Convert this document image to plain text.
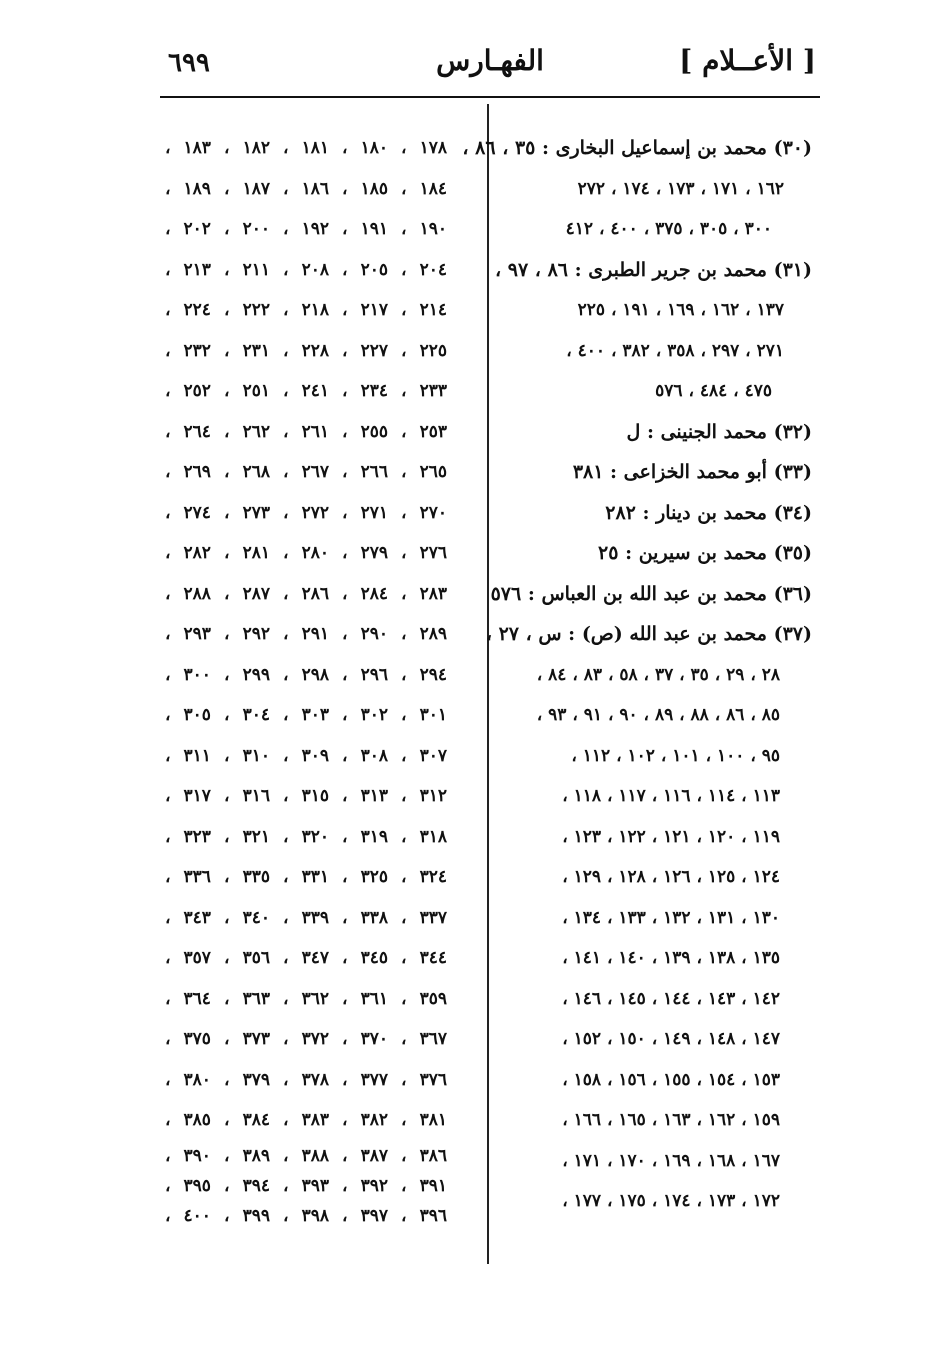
٦٩٩	الفهـارس	[ الأعــلام ]
١٧٨ ، ١٨٠ ، ١٨١ ، ١٨٢ ، ١٨٣ ،
١٨٤ ، ١٨٥ ، ١٨٦ ، ١٨٧ ، ١٨٩ ،
١٩٠ ، ١٩١ ، ١٩٢ ، ٢٠٠ ، ٢٠٢ ،
٢٠٤ ، ٢٠٥ ، ٢٠٨ ، ٢١١ ، ٢١٣ ،
٢١٤ ، ٢١٧ ، ٢١٨ ، ٢٢٢ ، ٢٢٤ ،
٢٢٥ ، ٢٢٧ ، ٢٢٨ ، ٢٣١ ، ٢٣٢ ،
٢٣٣ ، ٢٣٤ ، ٢٤١ ، ٢٥١ ، ٢٥٢ ،
٢٥٣ ، ٢٥٥ ، ٢٦١ ، ٢٦٢ ، ٢٦٤ ،
٢٦٥ ، ٢٦٦ ، ٢٦٧ ، ٢٦٨ ، ٢٦٩ ،
٢٧٠ ، ٢٧١ ، ٢٧٢ ، ٢٧٣ ، ٢٧٤ ،
٢٧٦ ، ٢٧٩ ، ٢٨٠ ، ٢٨١ ، ٢٨٢ ،
٢٨٣ ، ٢٨٤ ، ٢٨٦ ، ٢٨٧ ، ٢٨٨ ،
٢٨٩ ، ٢٩٠ ، ٢٩١ ، ٢٩٢ ، ٢٩٣ ،
٢٩٤ ، ٢٩٦ ، ٢٩٨ ، ٢٩٩ ، ٣٠٠ ،
٣٠١ ، ٣٠٢ ، ٣٠٣ ، ٣٠٤ ، ٣٠٥ ،
٣٠٧ ، ٣٠٨ ، ٣٠٩ ، ٣١٠ ، ٣١١ ،
٣١٢ ، ٣١٣ ، ٣١٥ ، ٣١٦ ، ٣١٧ ،
٣١٨ ، ٣١٩ ، ٣٢٠ ، ٣٢١ ، ٣٢٣ ،
٣٢٤ ، ٣٢٥ ، ٣٣١ ، ٣٣٥ ، ٣٣٦ ،
٣٣٧ ، ٣٣٨ ، ٣٣٩ ، ٣٤٠ ، ٣٤٣ ،
٣٤٤ ، ٣٤٥ ، ٣٤٧ ، ٣٥٦ ، ٣٥٧ ،
٣٥٩ ، ٣٦١ ، ٣٦٢ ، ٣٦٣ ، ٣٦٤ ،
٣٦٧ ، ٣٧٠ ، ٣٧٢ ، ٣٧٣ ، ٣٧٥ ،
٣٧٦ ، ٣٧٧ ، ٣٧٨ ، ٣٧٩ ، ٣٨٠ ،
٣٨١ ، ٣٨٢ ، ٣٨٣ ، ٣٨٤ ، ٣٨٥ ،
٣٨٦ ، ٣٨٧ ، ٣٨٨ ، ٣٨٩ ، ٣٩٠ ،
٣٩١ ، ٣٩٢ ، ٣٩٣ ، ٣٩٤ ، ٣٩٥ ،
٣٩٦ ، ٣٩٧ ، ٣٩٨ ، ٣٩٩ ، ٤٠٠ ،
(٣٠) محمد بن إسماعيل البخارى : ٣٥ ، ٨٦ ،
١٦٢ ، ١٧١ ، ١٧٣ ، ١٧٤ ، ٢٧٢
٣٠٠ ، ٣٠٥ ، ٣٧٥ ، ٤٠٠ ، ٤١٢
(٣١) محمد بن جرير الطبرى : ٨٦ ، ٩٧ ،
١٣٧ ، ١٦٢ ، ١٦٩ ، ١٩١ ، ٢٢٥
٢٧١ ، ٢٩٧ ، ٣٥٨ ، ٣٨٢ ، ٤٠٠ ،
٤٧٥ ، ٤٨٤ ، ٥٧٦
(٣٢) محمد الجنينى : ل
(٣٣) أبو محمد الخزاعى : ٣٨١
(٣٤) محمد بن دينار : ٢٨٢
(٣٥) محمد بن سيرين : ٢٥
(٣٦) محمد بن عبد الله بن العباس : ٥٧٦
(٣٧) محمد بن عبد الله (ص) : س ، ٢٧ ،
٢٨ ، ٢٩ ، ٣٥ ، ٣٧ ، ٥٨ ، ٨٣ ، ٨٤ ،
٨٥ ، ٨٦ ، ٨٨ ، ٨٩ ، ٩٠ ، ٩١ ، ٩٣ ،
٩٥ ، ١٠٠ ، ١٠١ ، ١٠٢ ، ١١٢ ،
١١٣ ، ١١٤ ، ١١٦ ، ١١٧ ، ١١٨ ،
١١٩ ، ١٢٠ ، ١٢١ ، ١٢٢ ، ١٢٣ ،
١٢٤ ، ١٢٥ ، ١٢٦ ، ١٢٨ ، ١٢٩ ،
١٣٠ ، ١٣١ ، ١٣٢ ، ١٣٣ ، ١٣٤ ،
١٣٥ ، ١٣٨ ، ١٣٩ ، ١٤٠ ، ١٤١ ،
١٤٢ ، ١٤٣ ، ١٤٤ ، ١٤٥ ، ١٤٦ ،
١٤٧ ، ١٤٨ ، ١٤٩ ، ١٥٠ ، ١٥٢ ،
١٥٣ ، ١٥٤ ، ١٥٥ ، ١٥٦ ، ١٥٨ ،
١٥٩ ، ١٦٢ ، ١٦٣ ، ١٦٥ ، ١٦٦ ،
١٦٧ ، ١٦٨ ، ١٦٩ ، ١٧٠ ، ١٧١ ،
١٧٢ ، ١٧٣ ، ١٧٤ ، ١٧٥ ، ١٧٧ ،
